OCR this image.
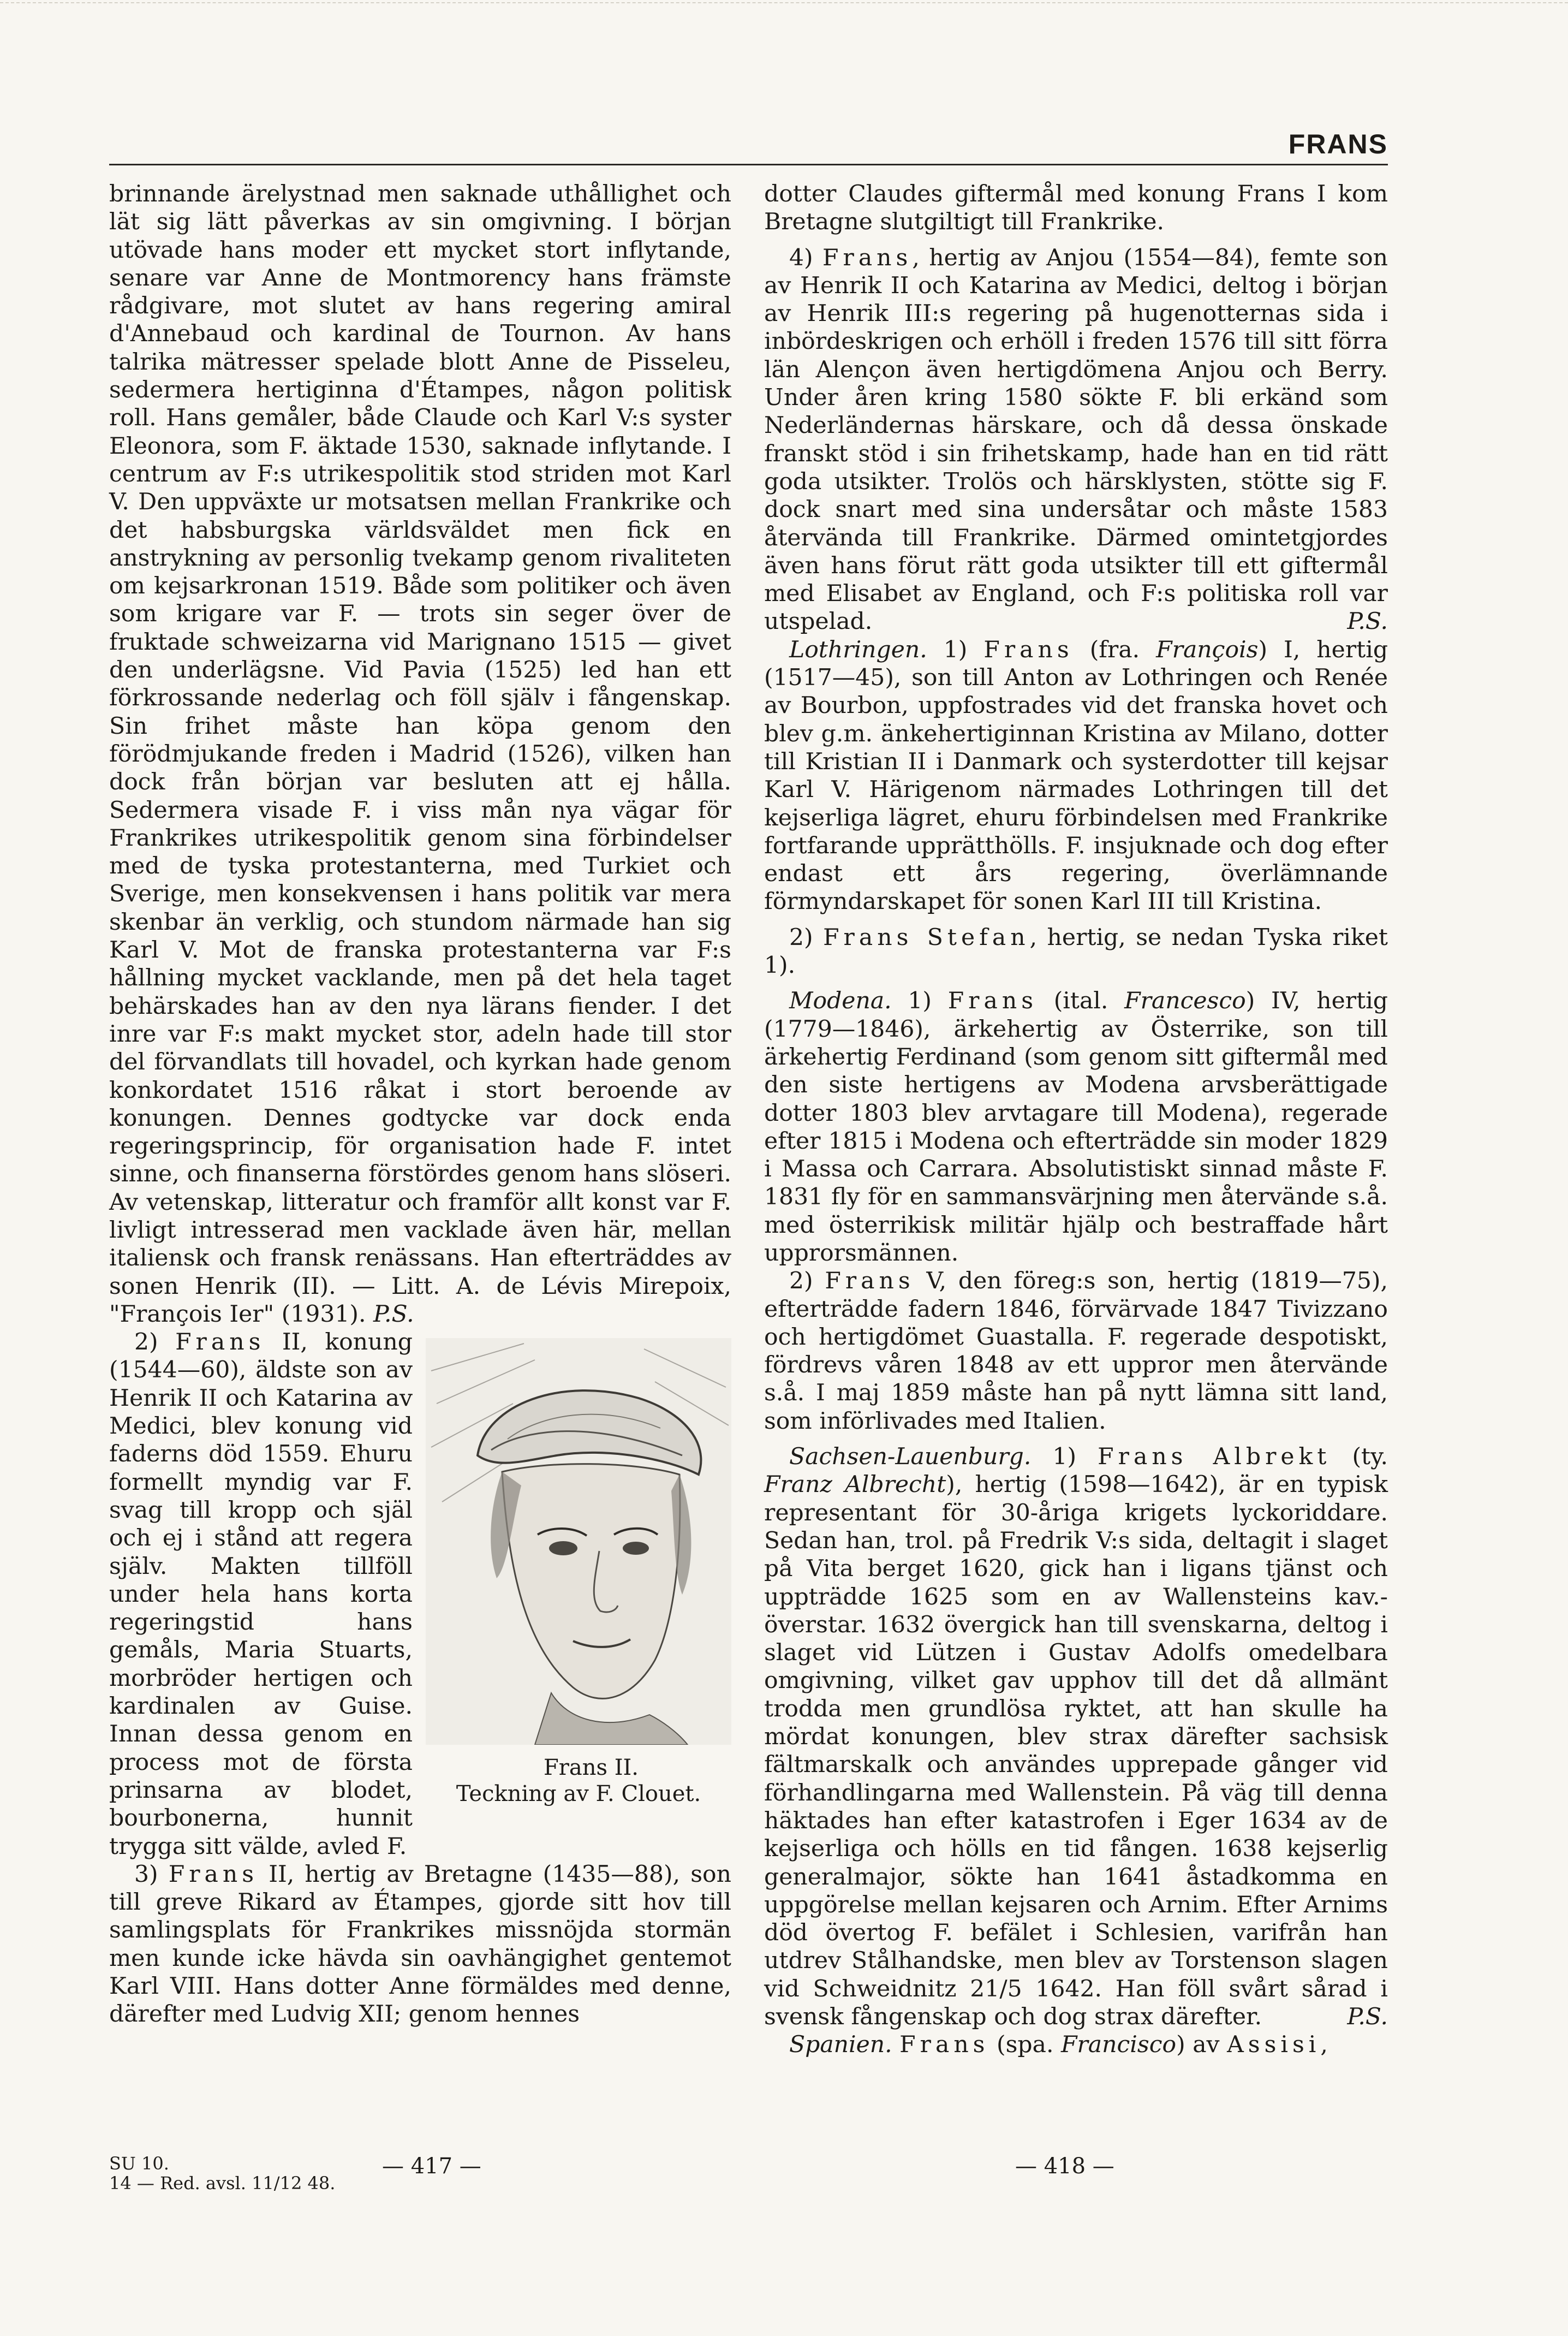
FRANS

brinnande ärelystnad men saknade uthållighet och lät sig lätt påverkas av sin omgivning. I början utövade hans moder ett mycket stort inflytande, senare var Anne de Montmorency hans främste rådgivare, mot slutet av hans regering amiral d'Annebaud och kardinal de Tournon. Av hans talrika mätresser spelade blott Anne de Pisseleu, sedermera hertiginna d'Étampes, någon politisk roll. Hans gemåler, både Claude och Karl V:s syster Eleonora, som F. äktade 1530, saknade inflytande. I centrum av F:s utrikespolitik stod striden mot Karl V. Den uppväxte ur motsatsen mellan Frankrike och det habsburgska världsväldet men fick en anstrykning av personlig tvekamp genom rivaliteten om kejsarkronan 1519. Både som politiker och även som krigare var F. — trots sin seger över de fruktade schweizarna vid Marignano 1515 — givet den underlägsne. Vid Pavia (1525) led han ett förkrossande nederlag och föll själv i fångenskap. Sin frihet måste han köpa genom den förödmjukande freden i Madrid (1526), vilken han dock från början var besluten att ej hålla. Sedermera visade F. i viss mån nya vägar för Frankrikes utrikespolitik genom sina förbindelser med de tyska protestanterna, med Turkiet och Sverige, men konsekvensen i hans politik var mera skenbar än verklig, och stundom närmade han sig Karl V. Mot de franska protestanterna var F:s hållning mycket vacklande, men på det hela taget behärskades han av den nya lärans fiender. I det inre var F:s makt mycket stor, adeln hade till stor del förvandlats till hovadel, och kyrkan hade genom konkordatet 1516 råkat i stort beroende av konungen. Dennes godtycke var dock enda regeringsprincip, för organisation hade F. intet sinne, och finanserna förstördes genom hans slöseri. Av vetenskap, litteratur och framför allt konst var F. livligt intresserad men vacklade även här, mellan italiensk och fransk renässans. Han efterträddes av sonen Henrik (II). — Litt. A. de Lévis Mirepoix, "François Ier" (1931). P.S.

2) Frans
Frans II.
Teckning av F. Clouet.
II, konung (1544—60), äldste son av Henrik II och Katarina av Medici, blev konung vid faderns död 1559. Ehuru formellt myndig var F. svag till kropp och själ och ej i stånd att regera själv. Makten tillföll under hela hans korta regeringstid hans gemåls, Maria Stuarts, morbröder hertigen och kardinalen av Guise. Innan dessa genom en process mot de första prinsarna av blodet, bourbonerna, hunnit trygga sitt välde, avled F.

3) Frans II, hertig av Bretagne (1435—88), son till greve Rikard av Étampes, gjorde sitt hov till samlingsplats för Frankrikes missnöjda stormän men kunde icke hävda sin oavhängighet gentemot Karl VIII. Hans dotter Anne förmäldes med denne, därefter med Ludvig XII; genom hennes

dotter Claudes giftermål med konung Frans I kom Bretagne slutgiltigt till Frankrike.

4) Frans, hertig av Anjou (1554—84), femte son av Henrik II och Katarina av Medici, deltog i början av Henrik III:s regering på hugenotternas sida i inbördeskrigen och erhöll i freden 1576 till sitt förra län Alençon även hertigdömena Anjou och Berry. Under åren kring 1580 sökte F. bli erkänd som Nederländernas härskare, och då dessa önskade franskt stöd i sin frihetskamp, hade han en tid rätt goda utsikter. Trolös och härsklysten, stötte sig F. dock snart med sina undersåtar och måste 1583 återvända till Frankrike. Därmed omintetgjordes även hans förut rätt goda utsikter till ett giftermål med Elisabet av England, och F:s politiska roll var utspelad.	P.S.

Lothringen. 1) Frans (fra. François) I, hertig (1517—45), son till Anton av Lothringen och Renée av Bourbon, uppfostrades vid det franska hovet och blev g.m. änkehertiginnan Kristina av Milano, dotter till Kristian II i Danmark och systerdotter till kejsar Karl V. Härigenom närmades Lothringen till det kejserliga lägret, ehuru förbindelsen med Frankrike fortfarande upprätthölls. F. insjuknade och dog efter endast ett års regering, överlämnande förmyndarskapet för sonen Karl III till Kristina.

2) Frans Stefan, hertig, se nedan Tyska riket 1).

Modena. 1) Frans (ital. Francesco) IV, hertig (1779—1846), ärkehertig av Österrike, son till ärkehertig Ferdinand (som genom sitt giftermål med den siste hertigens av Modena arvsberättigade dotter 1803 blev arvtagare till Modena), regerade efter 1815 i Modena och efterträdde sin moder 1829 i Massa och Carrara. Absolutistiskt sinnad måste F. 1831 fly för en sammansvärjning men återvände s.å. med österrikisk militär hjälp och bestraffade hårt upprorsmännen.

2) Frans V, den föreg:s son, hertig (1819—75), efterträdde fadern 1846, förvärvade 1847 Tivizzano och hertigdömet Guastalla. F. regerade despotiskt, fördrevs våren 1848 av ett uppror men återvände s.å. I maj 1859 måste han på nytt lämna sitt land, som införlivades med Italien.

Sachsen-Lauenburg. 1) Frans Albrekt (ty. Franz Albrecht), hertig (1598—1642), är en typisk representant för 30-åriga krigets lyckoriddare. Sedan han, trol. på Fredrik V:s sida, deltagit i slaget på Vita berget 1620, gick han i ligans tjänst och uppträdde 1625 som en av Wallensteins kav.-överstar. 1632 övergick han till svenskarna, deltog i slaget vid Lützen i Gustav Adolfs omedelbara omgivning, vilket gav upphov till det då allmänt trodda men grundlösa ryktet, att han skulle ha mördat konungen, blev strax därefter sachsisk fältmarskalk och användes upprepade gånger vid förhandlingarna med Wallenstein. På väg till denna häktades han efter katastrofen i Eger 1634 av de kejserliga och hölls en tid fången. 1638 kejserlig generalmajor, sökte han 1641 åstadkomma en uppgörelse mellan kejsaren och Arnim. Efter Arnims död övertog F. befälet i Schlesien, varifrån han utdrev Stålhandske, men blev av Torstenson slagen vid Schweidnitz 21/5 1642. Han föll svårt sårad i svensk fångenskap och dog strax därefter.	P.S.

Spanien. Frans (spa. Francisco) av Assisi,

SU 10.
14 — Red. avsl. 11/12 48.
— 417 —	— 418 —
